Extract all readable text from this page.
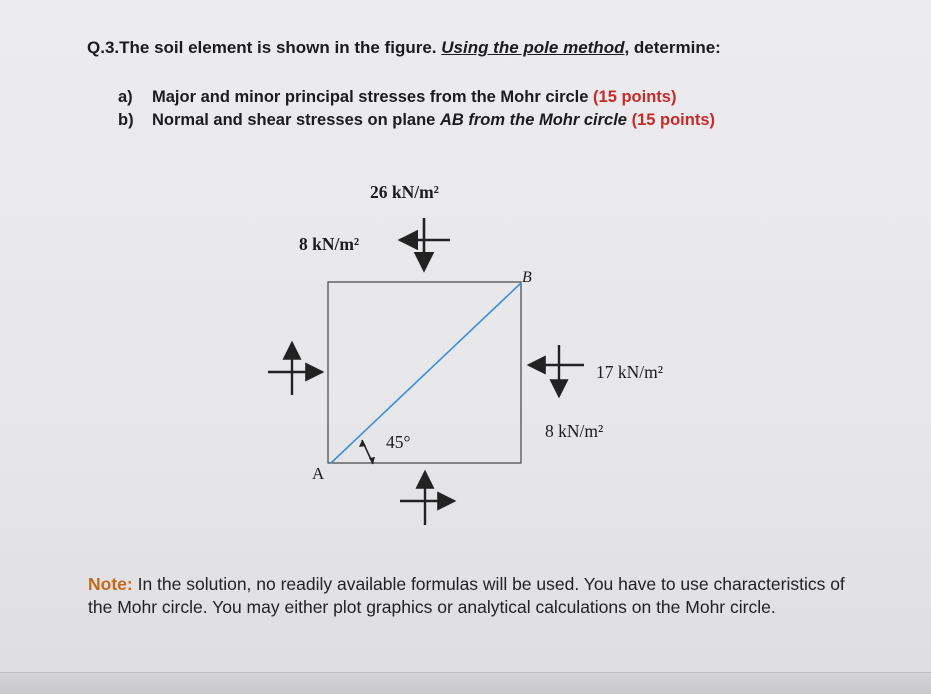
Q.3.The soil element is shown in the figure. Using the pole method, determine:
a) Major and minor principal stresses from the Mohr circle (15 points)
b) Normal and shear stresses on plane AB from the Mohr circle (15 points)
26 kN/m²
8 kN/m²
17 kN/m²
8 kN/m²
45°
A
B
Note: In the solution, no readily available formulas will be used. You have to use characteristics of the Mohr circle. You may either plot graphics or analytical calculations on the Mohr circle.
